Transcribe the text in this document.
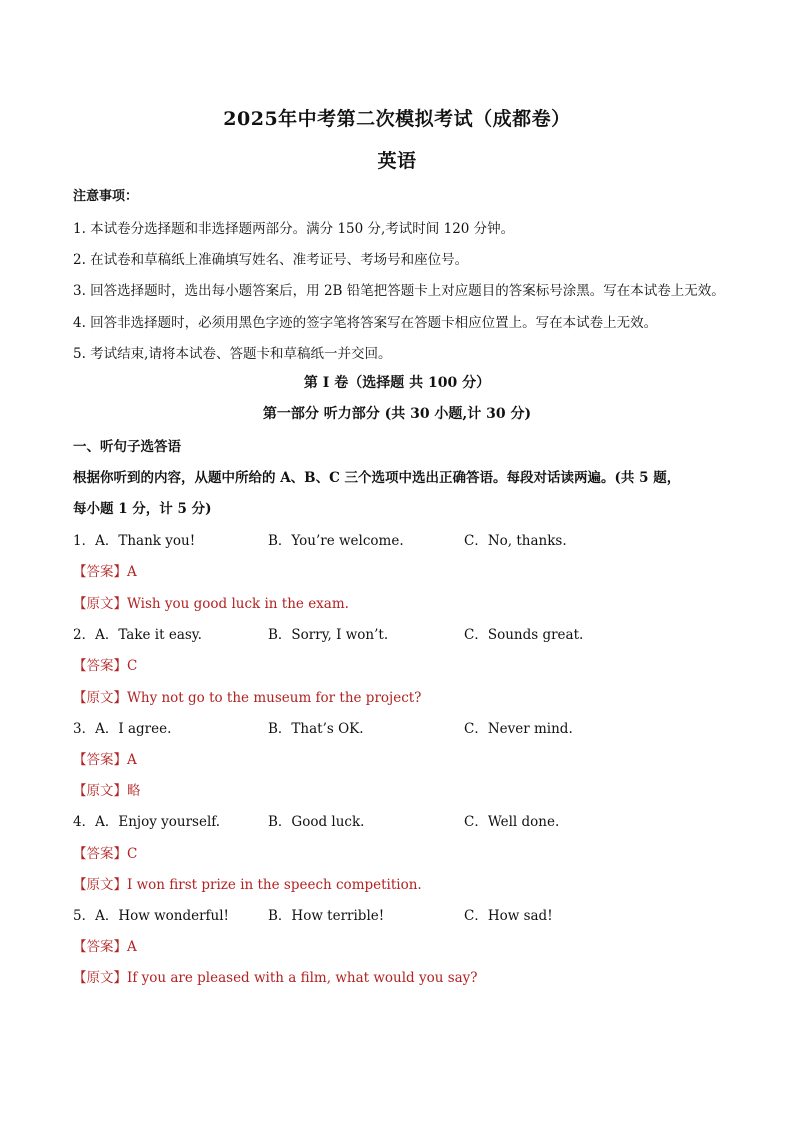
2025年中考第二次模拟考试（成都卷）
英语
注意事项：
1. 本试卷分选择题和非选择题两部分。满分 150 分,考试时间 120 分钟。
2. 在试卷和草稿纸上准确填写姓名、准考证号、考场号和座位号。
3. 回答选择题时，选出每小题答案后，用 2B 铅笔把答题卡上对应题目的答案标号涂黑。写在本试卷上无效。
4. 回答非选择题时，必须用黑色字迹的签字笔将答案写在答题卡相应位置上。写在本试卷上无效。
5. 考试结束,请将本试卷、答题卡和草稿纸一并交回。
第 I 卷（选择题 共 100 分）
第一部分 听力部分 (共 30 小题,计 30 分)
一、听句子选答语
根据你听到的内容，从题中所给的 A、B、C 三个选项中选出正确答语。每段对话读两遍。(共 5 题，
每小题 1 分，计 5 分)
1．A．Thank you!	B．You’re welcome.	C．No, thanks.
【答案】A
【原文】Wish you good luck in the exam.
2．A．Take it easy.	B．Sorry, I won’t.	C．Sounds great.
【答案】C
【原文】Why not go to the museum for the project?
3．A．I agree.	B．That’s OK.	C．Never mind.
【答案】A
【原文】略
4．A．Enjoy yourself.	B．Good luck.	C．Well done.
【答案】C
【原文】I won first prize in the speech competition.
5．A．How wonderful!	B．How terrible!	C．How sad!
【答案】A
【原文】If you are pleased with a film, what would you say?
